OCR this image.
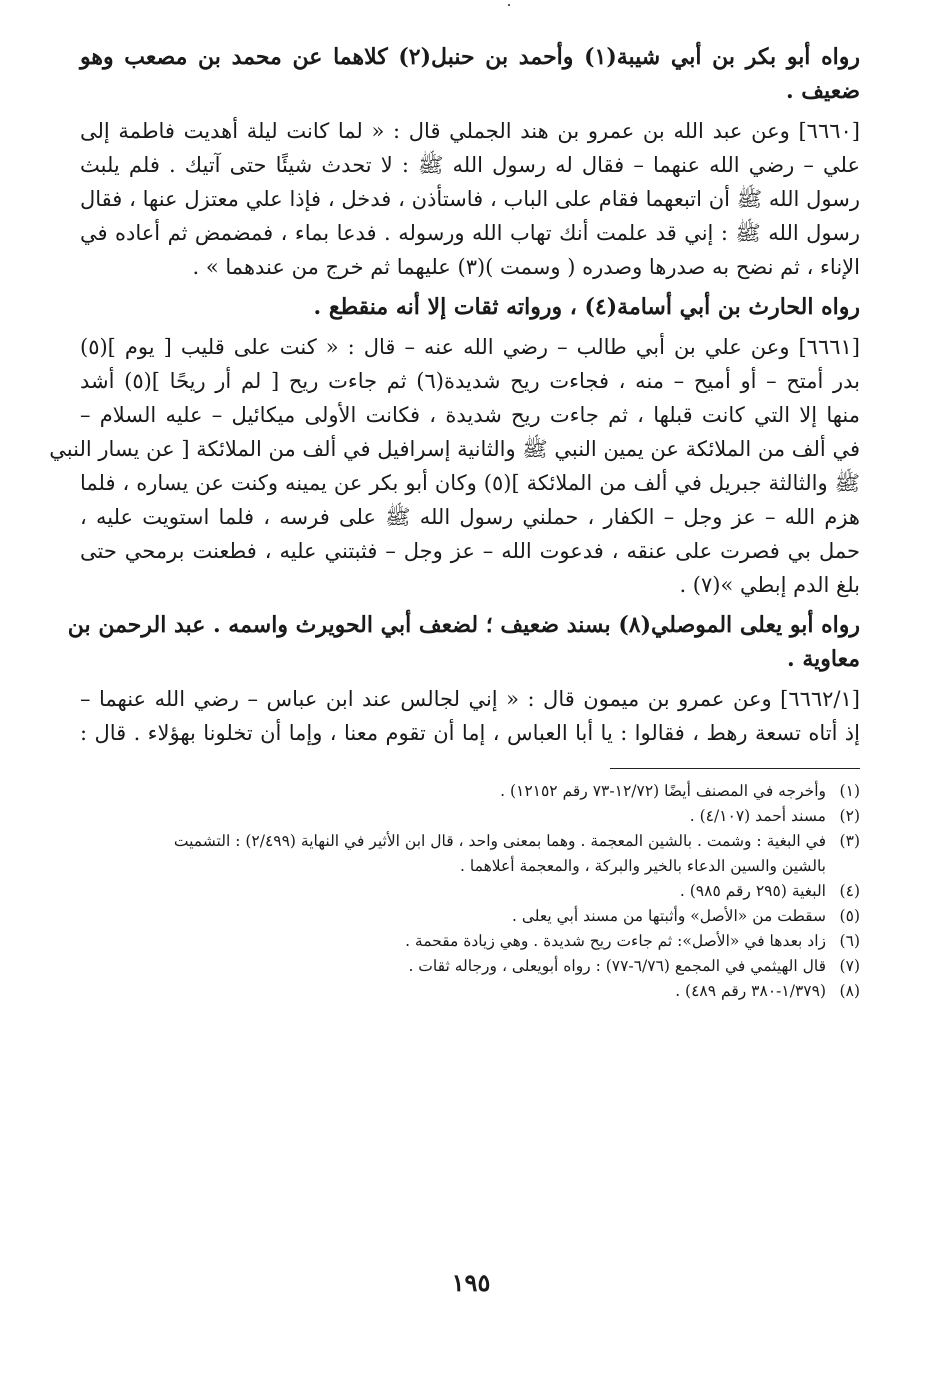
رواه أبو بكر بن أبي شيبة(١) وأحمد بن حنبل(٢) كلاهما عن محمد بن مصعب وهو
ضعيف .
[٦٦٦٠] وعن عبد الله بن عمرو بن هند الجملي قال : « لما كانت ليلة أهديت فاطمة إلى
علي – رضي الله عنهما – فقال له رسول الله ﷺ : لا تحدث شيئًا حتى آتيك . فلم يلبث
رسول الله ﷺ أن اتبعهما فقام على الباب ، فاستأذن ، فدخل ، فإذا علي معتزل عنها ، فقال
رسول الله ﷺ : إني قد علمت أنك تهاب الله ورسوله . فدعا بماء ، فمضمض ثم أعاده في
الإناء ، ثم نضح به صدرها وصدره ( وسمت )(٣) عليهما ثم خرج من عندهما » .
رواه الحارث بن أبي أسامة(٤) ، ورواته ثقات إلا أنه منقطع .
[٦٦٦١] وعن علي بن أبي طالب – رضي الله عنه – قال : « كنت على قليب [ يوم ](٥)
بدر أمتح – أو أميح – منه ، فجاءت ريح شديدة(٦) ثم جاءت ريح [ لم أر ريحًا ](٥) أشد
منها إلا التي كانت قبلها ، ثم جاءت ريح شديدة ، فكانت الأولى ميكائيل – عليه السلام –
في ألف من الملائكة عن يمين النبي ﷺ والثانية إسرافيل في ألف من الملائكة [ عن يسار النبي
ﷺ والثالثة جبريل في ألف من الملائكة ](٥) وكان أبو بكر عن يمينه وكنت عن يساره ، فلما
هزم الله – عز وجل – الكفار ، حملني رسول الله ﷺ على فرسه ، فلما استويت عليه ،
حمل بي فصرت على عنقه ، فدعوت الله – عز وجل – فثبتني عليه ، فطعنت برمحي حتى
بلغ الدم إبطي »(٧) .
رواه أبو يعلى الموصلي(٨) بسند ضعيف ؛ لضعف أبي الحويرث واسمه . عبد الرحمن بن
معاوية .
[٦٦٦٢/١] وعن عمرو بن ميمون قال : « إني لجالس عند ابن عباس – رضي الله عنهما –
إذ أتاه تسعة رهط ، فقالوا : يا أبا العباس ، إما أن تقوم معنا ، وإما أن تخلونا بهؤلاء . قال :
(١)
وأخرجه في المصنف أيضًا (١٢/٧٢-٧٣ رقم ١٢١٥٢) .
(٢)
مسند أحمد (٤/١٠٧) .
(٣)
في البغية : وشمت . بالشين المعجمة . وهما بمعنى واحد ، قال ابن الأثير في النهاية (٢/٤٩٩) : التشميت
بالشين والسين الدعاء بالخير والبركة ، والمعجمة أعلاهما .
(٤)
البغية (٢٩٥ رقم ٩٨٥) .
(٥)
سقطت من «الأصل» وأثبتها من مسند أبي يعلى .
(٦)
زاد بعدها في «الأصل»: ثم جاءت ريح شديدة . وهي زيادة مقحمة .
(٧)
قال الهيثمي في المجمع (٦/٧٦-٧٧) : رواه أبويعلى ، ورجاله ثقات .
(٨)
(١/٣٧٩-٣٨٠ رقم ٤٨٩) .
١٩٥
